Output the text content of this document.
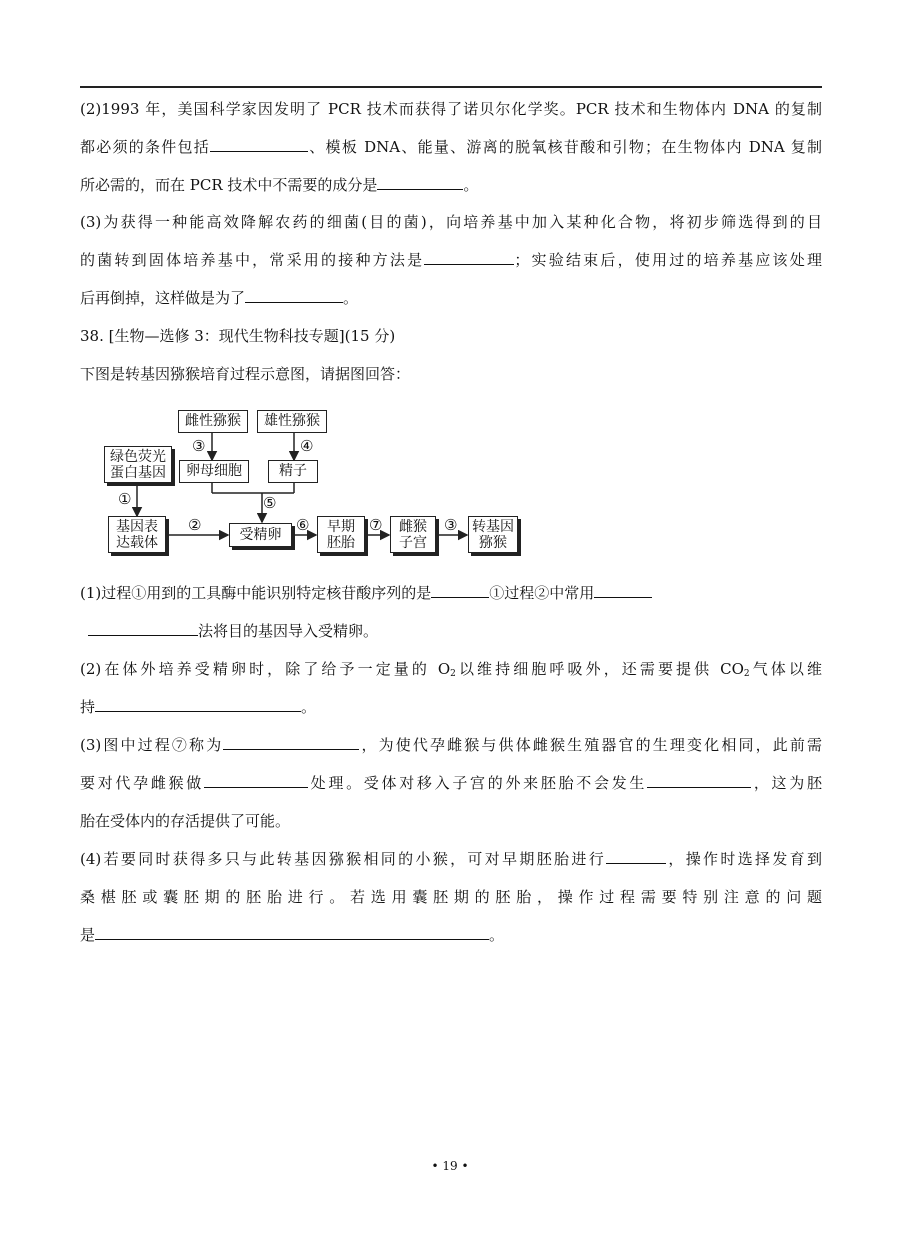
(2)1993 年，美国科学家因发明了 PCR 技术而获得了诺贝尔化学奖。PCR 技术和生物体内 DNA 的复制
都必须的条件包括	、模板 DNA、能量、游离的脱氧核苷酸和引物；在生物体内 DNA 复制
所必需的，而在 PCR 技术中不需要的成分是	。
(3)为获得一种能高效降解农药的细菌(目的菌)，向培养基中加入某种化合物，将初步筛选得到的目
的菌转到固体培养基中，常采用的接种方法是	；实验结束后，使用过的培养基应该处理
后再倒掉，这样做是为了	。
38. [生物—选修 3：现代生物科技专题](15 分)
下图是转基因猕猴培育过程示意图，请据图回答：
雌性猕猴 雄性猕猴
绿色荧光
蛋白基因 卵母细胞	精子
基因表
达载体	受精卵	早期
胚胎
雌猴
子宫
转基因
猕猴
③	④
①	⑤
②	⑥	⑦	③
(1)过程①用到的工具酶中能识别特定核苷酸序列的是	①过程②中常用
法将目的基因导入受精卵。
(2)在体外培养受精卵时，除了给予一定量的 $O_2$以维持细胞呼吸外，还需要提供 $CO_2$气体以维
持	。
(3)图中过程⑦称为	，为使代孕雌猴与供体雌猴生殖器官的生理变化相同，此前需
要对代孕雌猴做	处理。受体对移入子宫的外来胚胎不会发生	，这为胚
胎在受体内的存活提供了可能。
(4)若要同时获得多只与此转基因猕猴相同的小猴，可对早期胚胎进行	，操作时选择发育到
桑椹胚或囊胚期的胚胎进行。若选用囊胚期的胚胎，操作过程需要特别注意的问题
是	。
• 19 •
